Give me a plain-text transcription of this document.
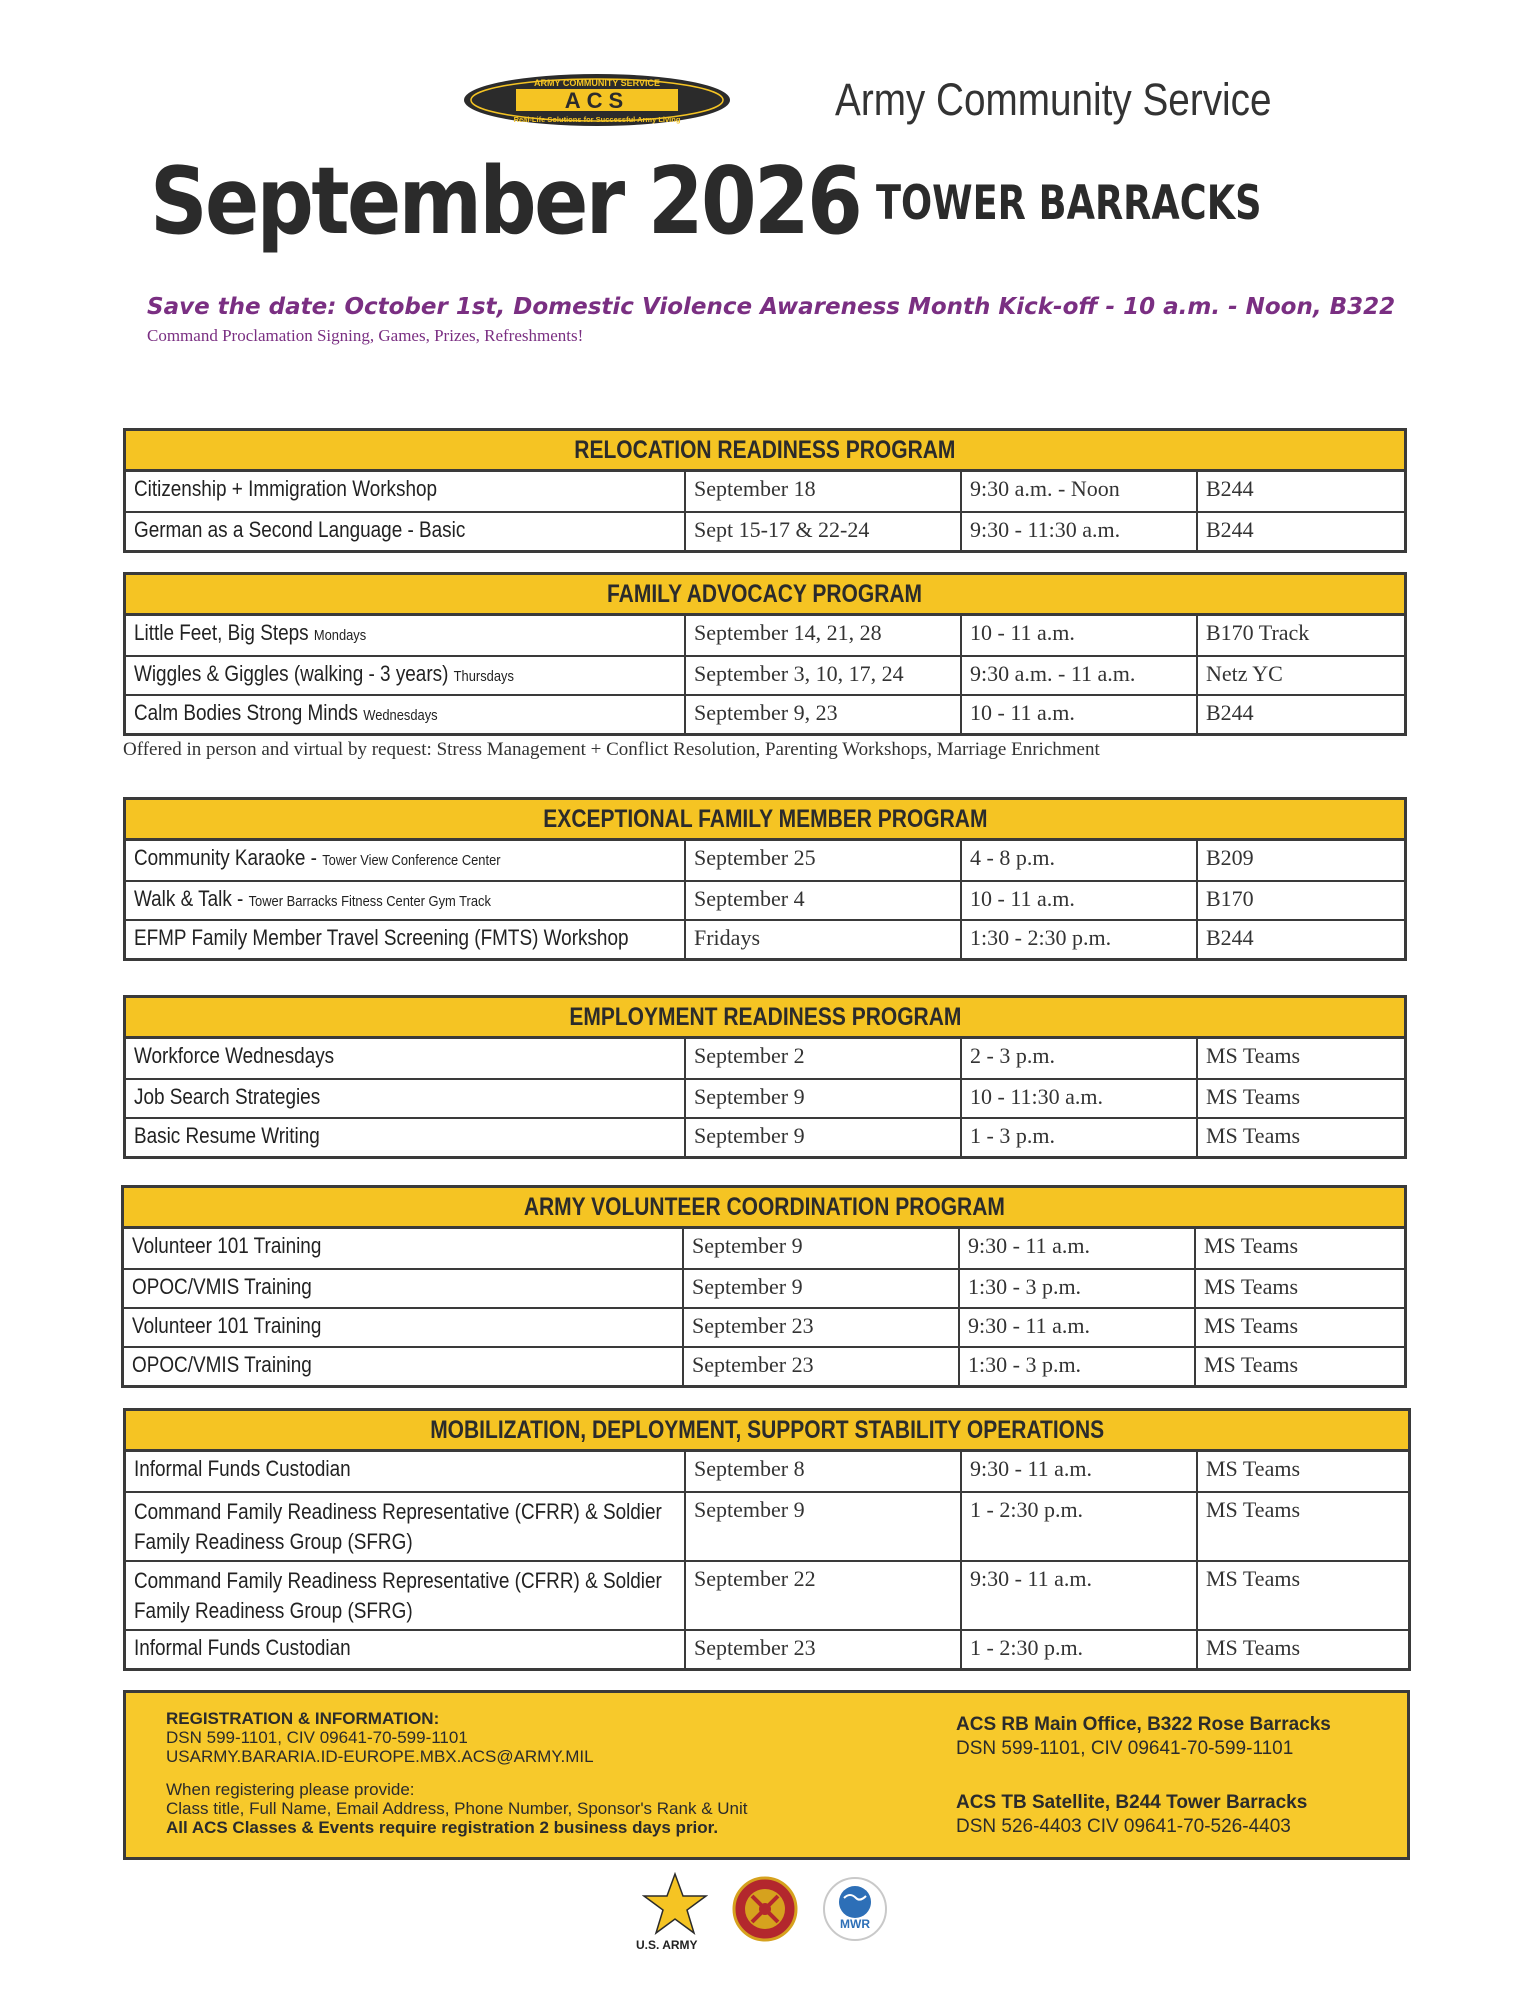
ARMY COMMUNITY SERVICE
ACS
Real-Life Solutions for Successful Army Living	Army Community Service
September 2026 TOWER BARRACKS
Save the date: October 1st, Domestic Violence Awareness Month Kick-off - 10 a.m. - Noon, B322
Command Proclamation Signing, Games, Prizes, Refreshments!
RELOCATION READINESS PROGRAM
Citizenship + Immigration Workshop	September 18	9:30 a.m. - Noon	B244
German as a Second Language - Basic	Sept 15-17 & 22-24	9:30 - 11:30 a.m.	B244
FAMILY ADVOCACY PROGRAM
Little Feet, Big Steps Mondays	September 14, 21, 28	10 - 11 a.m.	B170 Track
Wiggles & Giggles (walking - 3 years) Thursdays	September 3, 10, 17, 24	9:30 a.m. - 11 a.m.	Netz YC
Calm Bodies Strong Minds Wednesdays	September 9, 23	10 - 11 a.m.	B244
Offered in person and virtual by request: Stress Management + Conflict Resolution, Parenting Workshops, Marriage Enrichment
EXCEPTIONAL FAMILY MEMBER PROGRAM
Community Karaoke - Tower View Conference Center	September 25	4 - 8 p.m.	B209
Walk & Talk - Tower Barracks Fitness Center Gym Track	September 4	10 - 11 a.m.	B170
EFMP Family Member Travel Screening (FMTS) Workshop	Fridays	1:30 - 2:30 p.m.	B244
EMPLOYMENT READINESS PROGRAM
Workforce Wednesdays	September 2	2 - 3 p.m.	MS Teams
Job Search Strategies	September 9	10 - 11:30 a.m.	MS Teams
Basic Resume Writing	September 9	1 - 3 p.m.	MS Teams
ARMY VOLUNTEER COORDINATION PROGRAM
Volunteer 101 Training	September 9	9:30 - 11 a.m.	MS Teams
OPOC/VMIS Training	September 9	1:30 - 3 p.m.	MS Teams
Volunteer 101 Training	September 23	9:30 - 11 a.m.	MS Teams
OPOC/VMIS Training	September 23	1:30 - 3 p.m.	MS Teams
MOBILIZATION, DEPLOYMENT, SUPPORT STABILITY OPERATIONS
Informal Funds Custodian	September 8	9:30 - 11 a.m.	MS Teams
Command Family Readiness Representative (CFRR) & Soldier Family Readiness Group (SFRG)
September 9	1 - 2:30 p.m.	MS Teams
Command Family Readiness Representative (CFRR) & Soldier Family Readiness Group (SFRG)
September 22	9:30 - 11 a.m.	MS Teams
Informal Funds Custodian	September 23	1 - 2:30 p.m.	MS Teams
REGISTRATION & INFORMATION:
DSN 599-1101, CIV 09641-70-599-1101
USARMY.BARARIA.ID-EUROPE.MBX.ACS@ARMY.MIL
When registering please provide:
Class title, Full Name, Email Address, Phone Number, Sponsor's Rank & Unit
All ACS Classes & Events require registration 2 business days prior.
ACS RB Main Office, B322 Rose Barracks
DSN 599-1101, CIV 09641-70-599-1101
ACS TB Satellite, B244 Tower Barracks
DSN 526-4403 CIV 09641-70-526-4403
U.S. ARMY
MWR
